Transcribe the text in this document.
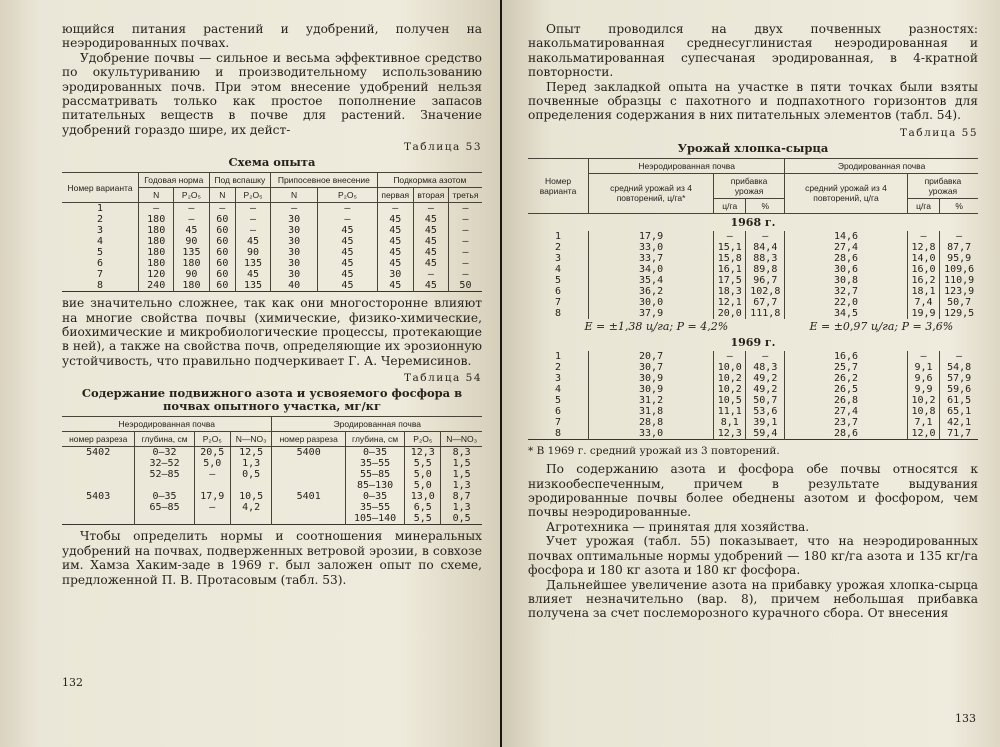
ющийся питания растений и удобрений, получен на неэродированных почвах.

Удобрение почвы — сильное и весьма эффективное средство по окультуриванию и производительному использованию эродированных почв. При этом внесение удобрений нельзя рассматривать только как простое пополнение запасов питательных веществ в почве для растений. Значение удобрений гораздо шире, их дейст-

Таблица 53
Схема опыта
Номер варианта	Годовая норма		Под вспашку		Припосевное внесение		Подкормка азотом		
	N	P₂O₅	N	P₂O₅	N	P₂O₅	первая	вторая	третья
1	—	—	—	—	—	—	—	—	—
2	180	—	60	—	30	—	45	45	—
3	180	45	60	—	30	45	45	45	—
4	180	90	60	45	30	45	45	45	—
5	180	135	60	90	30	45	45	45	—
6	180	180	60	135	30	45	45	45	—
7	120	90	60	45	30	45	30	—	—
8	240	180	60	135	40	45	45	45	50

вие значительно сложнее, так как они многосторонне влияют на многие свойства почвы (химические, физико-химические, биохимические и микробиологические процессы, протекающие в ней), а также на свойства почв, определяющие их эрозионную устойчивость, что правильно подчеркивает Г. А. Черемисинов.

Таблица 54
Содержание подвижного азота и усвояемого фосфора в почвах опытного участка, мг/кг
Неэродированная почва				Эродированная почва			
номер разреза	глубина, см	P₂O₅	N—NO₃	номер разреза	глубина, см	P₂O₅	N—NO₃
5402	0—32	20,5	12,5	5400	0—35	12,3	8,3
	32—52	5,0	1,3		35—55	5,5	1,5
	52—85	—	0,5		55—85	5,0	1,5
					85—130	5,0	1,3
5403	0—35	17,9	10,5	5401	0—35	13,0	8,7
	65—85	—	4,2		35—55	6,5	1,3
					105—140	5,5	0,5

Чтобы определить нормы и соотношения минеральных удобрений на почвах, подверженных ветровой эрозии, в совхозе им. Хамза Хаким-заде в 1969 г. был заложен опыт по схеме, предложенной П. В. Протасовым (табл. 53).

132

Опыт проводился на двух почвенных разностях: накольматированная среднесуглинистая неэродированная и накольматированная супесчаная эродированная, в 4-кратной повторности.

Перед закладкой опыта на участке в пяти точках были взяты почвенные образцы с пахотного и подпахотного горизонтов для определения содержания в них питательных элементов (табл. 54).

Таблица 55
Урожай хлопка-сырца
Номер варианта	Неэродированная почва			Эродированная почва		
	средний урожай из 4 повторений, ц/га*	прибавка урожая		средний урожай из 4 повторений, ц/га	прибавка урожая	
		ц/га	%		ц/га	%
1968 г.						
1	17,9	—	—	14,6	—	—
2	33,0	15,1	84,4	27,4	12,8	87,7
3	33,7	15,8	88,3	28,6	14,0	95,9
4	34,0	16,1	89,8	30,6	16,0	109,6
5	35,4	17,5	96,7	30,8	16,2	110,9
6	36,2	18,3	102,8	32,7	18,1	123,9
7	30,0	12,1	67,7	22,0	7,4	50,7
8	37,9	20,0	111,8	34,5	19,9	129,5
E = ±1,38 ц/га; P = 4,2%				E = ±0,97 ц/га; P = 3,6%		
1969 г.						
1	20,7	—	—	16,6	—	—
2	30,7	10,0	48,3	25,7	9,1	54,8
3	30,9	10,2	49,2	26,2	9,6	57,9
4	30,9	10,2	49,2	26,5	9,9	59,6
5	31,2	10,5	50,7	26,8	10,2	61,5
6	31,8	11,1	53,6	27,4	10,8	65,1
7	28,8	8,1	39,1	23,7	7,1	42,1
8	33,0	12,3	59,4	28,6	12,0	71,7

* В 1969 г. средний урожай из 3 повторений.

По содержанию азота и фосфора обе почвы относятся к низкообеспеченным, причем в результате выдувания эродированные почвы более обеднены азотом и фосфором, чем почвы неэродированные.

Агротехника — принятая для хозяйства.

Учет урожая (табл. 55) показывает, что на неэродированных почвах оптимальные нормы удобрений — 180 кг/га азота и 135 кг/га фосфора и 180 кг азота и 180 кг фосфора.

Дальнейшее увеличение азота на прибавку урожая хлопка-сырца влияет незначительно (вар. 8), причем небольшая прибавка получена за счет послеморозного курачного сбора. От внесения

133
